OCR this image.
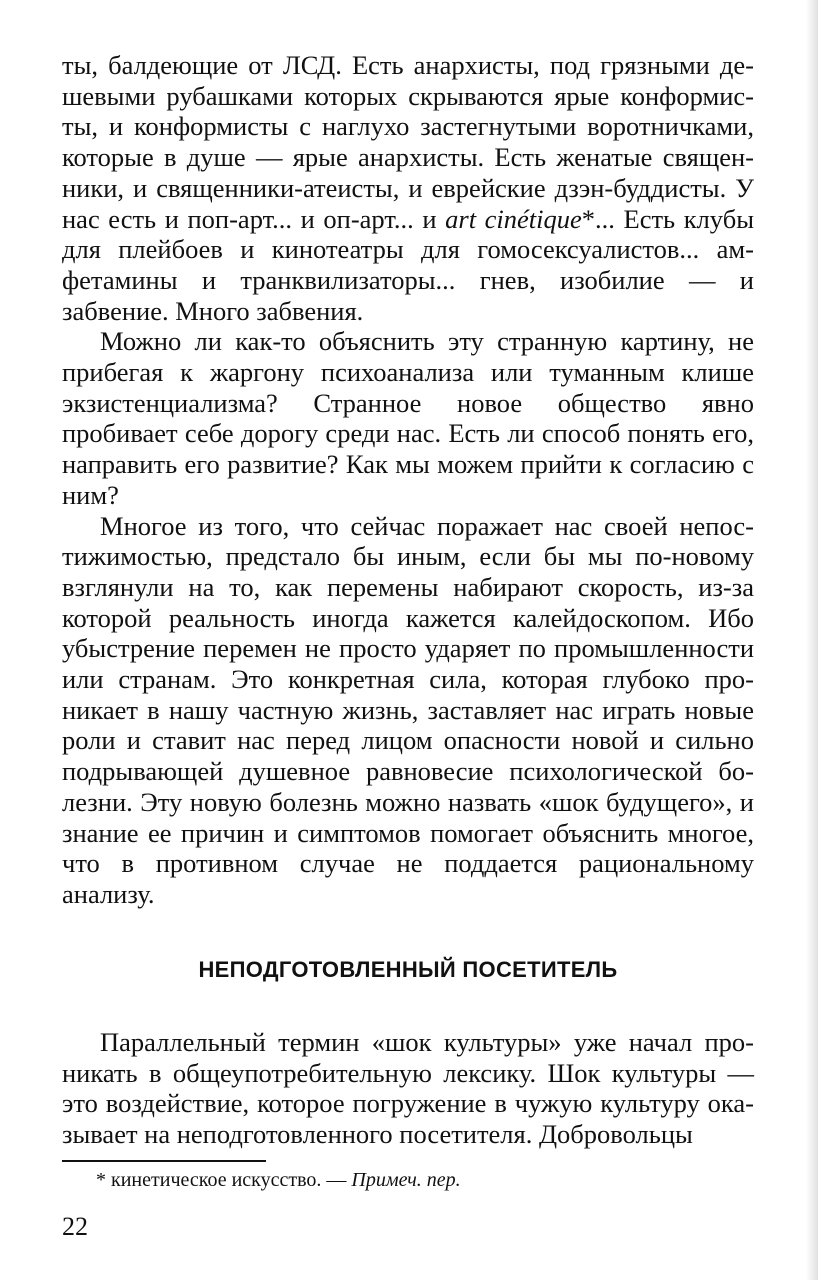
ты, балдеющие от ЛСД. Есть анархисты, под грязными дешевыми рубашками которых скрываются ярые конформисты, и конформисты с наглухо застегнутыми воротничками, которые в душе — ярые анархисты. Есть женатые священники, и священники-атеисты, и еврейские дзэн-буддисты. У нас есть и поп-арт... и оп-арт... и art cinétique*... Есть клубы для плейбоев и кинотеатры для гомосексуалистов... амфетамины и транквилизаторы... гнев, изобилие — и забвение. Много забвения.

Можно ли как-то объяснить эту странную картину, не прибегая к жаргону психоанализа или туманным клише экзистенциализма? Странное новое общество явно пробивает себе дорогу среди нас. Есть ли способ понять его, направить его развитие? Как мы можем прийти к согласию с ним?

Многое из того, что сейчас поражает нас своей непостижимостью, предстало бы иным, если бы мы по-новому взглянули на то, как перемены набирают скорость, из-за которой реальность иногда кажется калейдоскопом. Ибо убыстрение перемен не просто ударяет по промышленности или странам. Это конкретная сила, которая глубоко проникает в нашу частную жизнь, заставляет нас играть новые роли и ставит нас перед лицом опасности новой и сильно подрывающей душевное равновесие психологической болезни. Эту новую болезнь можно назвать «шок будущего», и знание ее причин и симптомов помогает объяснить многое, что в противном случае не поддается рациональному анализу.

НЕПОДГОТОВЛЕННЫЙ ПОСЕТИТЕЛЬ

Параллельный термин «шок культуры» уже начал проникать в общеупотребительную лексику. Шок культуры — это воздействие, которое погружение в чужую культуру оказывает на неподготовленного посетителя. Добровольцы

* кинетическое искусство. — Примеч. пер.

22
